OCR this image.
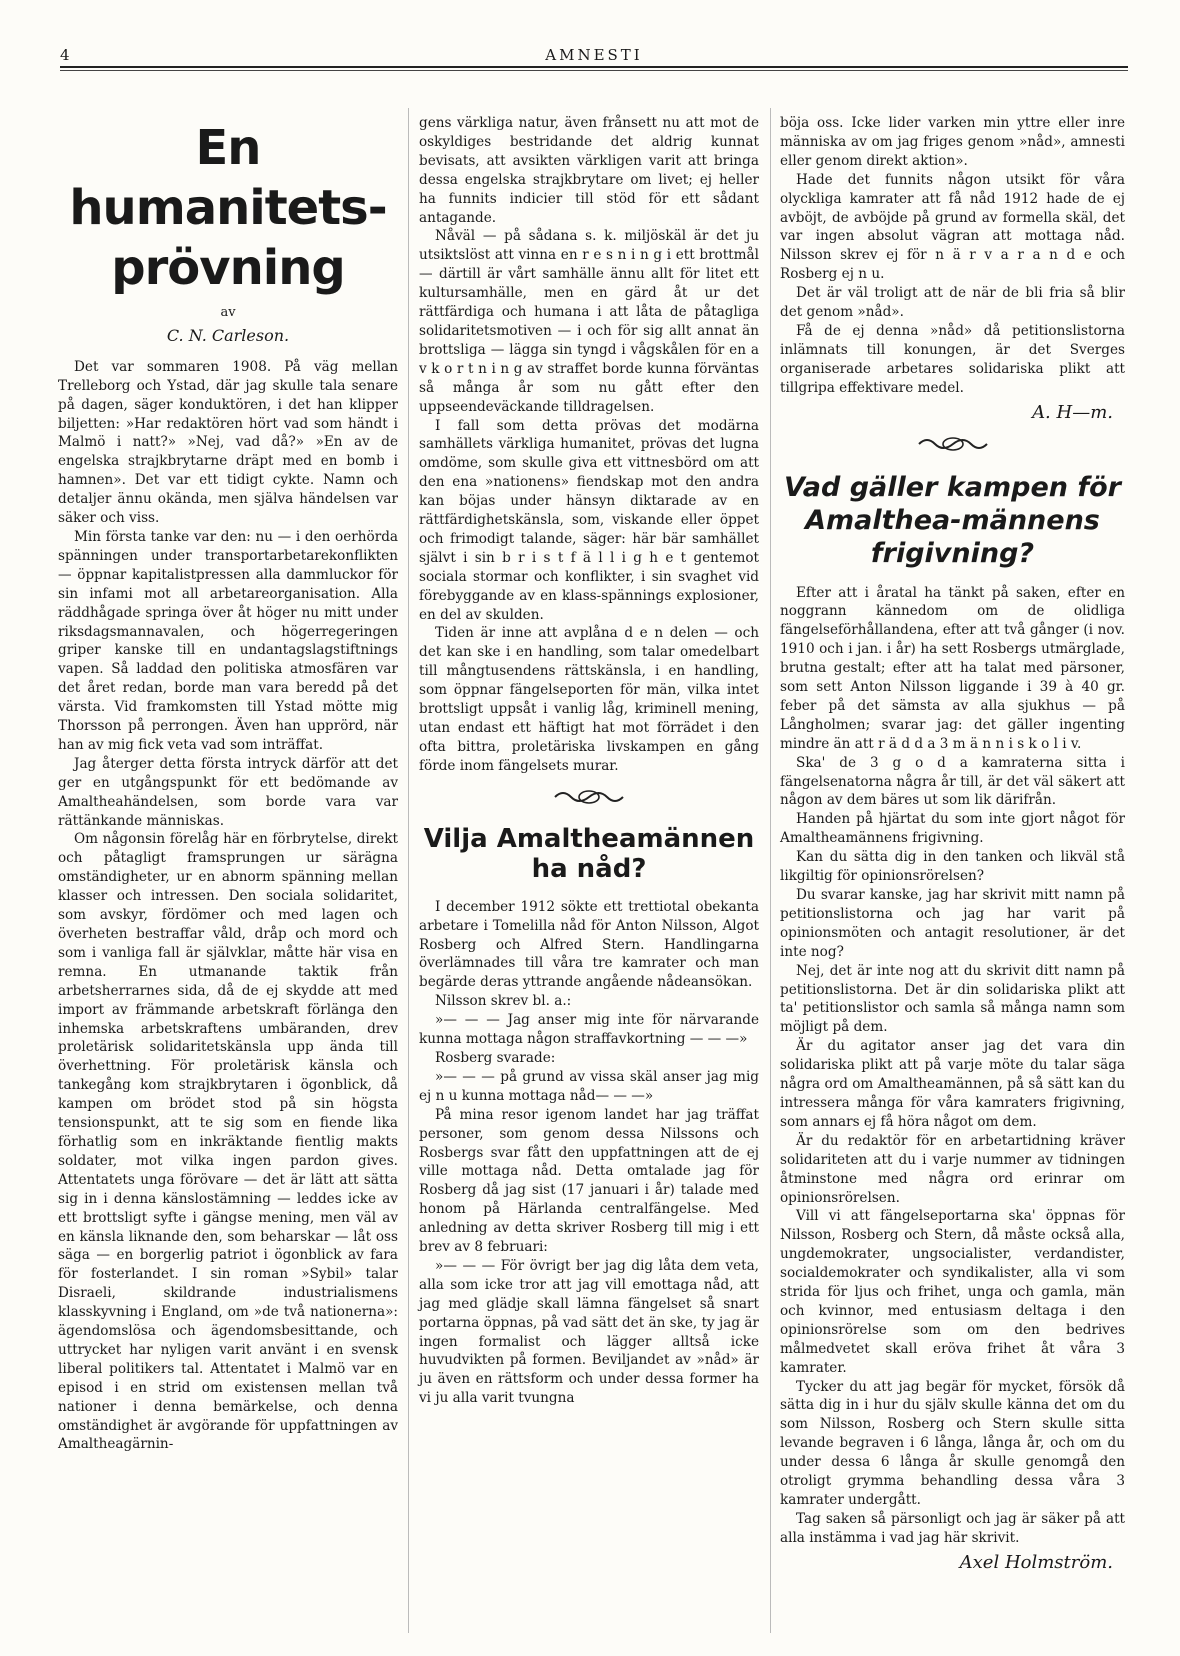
4	AMNESTI
En humanitets-prövning
av
C. N. Carleson.

Det var sommaren 1908. På väg mellan Trelleborg och Ystad, där jag skulle tala senare på dagen, säger konduktören, i det han klipper biljetten: »Har redaktören hört vad som händt i Malmö i natt?» »Nej, vad då?» »En av de engelska strajkbrytarne dräpt med en bomb i hamnen». Det var ett tidigt cykte. Namn och detaljer ännu okända, men själva händelsen var säker och viss.

Min första tanke var den: nu — i den oerhörda spänningen under transportarbetarekonflikten — öppnar kapitalistpressen alla dammluckor för sin infami mot all arbetareorganisation. Alla räddhågade springa över åt höger nu mitt under riksdagsmannavalen, och högerregeringen griper kanske till en undantagslagstiftnings vapen. Så laddad den politiska atmosfären var det året redan, borde man vara beredd på det värsta. Vid framkomsten till Ystad mötte mig Thorsson på perrongen. Även han upprörd, när han av mig fick veta vad som inträffat.

Jag återger detta första intryck därför att det ger en utgångspunkt för ett bedömande av Amaltheahändelsen, som borde vara var rättänkande människas.

Om någonsin förelåg här en förbrytelse, direkt och påtagligt framsprungen ur särägna omständigheter, ur en abnorm spänning mellan klasser och intressen. Den sociala solidaritet, som avskyr, fördömer och med lagen och överheten bestraffar våld, dråp och mord och som i vanliga fall är självklar, måtte här visa en remna. En utmanande taktik från arbetsherrarnes sida, då de ej skydde att med import av främmande arbetskraft förlänga den inhemska arbetskraftens umbäranden, drev proletärisk solidaritetskänsla upp ända till överhettning. För proletärisk känsla och tankegång kom strajkbrytaren i ögonblick, då kampen om brödet stod på sin högsta tensionspunkt, att te sig som en fiende lika förhatlig som en inkräktande fientlig makts soldater, mot vilka ingen pardon gives. Attentatets unga förövare — det är lätt att sätta sig in i denna känslostämning — leddes icke av ett brottsligt syfte i gängse mening, men väl av en känsla liknande den, som beharskar — låt oss säga — en borgerlig patriot i ögonblick av fara för fosterlandet. I sin roman »Sybil» talar Disraeli, skildrande industrialismens klasskyvning i England, om »de två nationerna»: ägendomslösa och ägendomsbesittande, och uttrycket har nyligen varit använt i en svensk liberal politikers tal. Attentatet i Malmö var en episod i en strid om existensen mellan två nationer i denna bemärkelse, och denna omständighet är avgörande för uppfattningen av Amaltheagärnin-

gens värkliga natur, även frånsett nu att mot de oskyldiges bestridande det aldrig kunnat bevisats, att avsikten värkligen varit att bringa dessa engelska strajkbrytare om livet; ej heller ha funnits indicier till stöd för ett sådant antagande.

Nåväl — på sådana s. k. miljöskäl är det ju utsiktslöst att vinna en r e s n i n g i ett brottmål — därtill är vårt samhälle ännu allt för litet ett kultursamhälle, men en gärd åt ur det rättfärdiga och humana i att låta de påtagliga solidaritetsmotiven — i och för sig allt annat än brottsliga — lägga sin tyngd i vågskålen för en a v k o r t n i n g av straffet borde kunna förväntas så många år som nu gått efter den uppseendeväckande tilldragelsen.

I fall som detta prövas det modärna samhällets värkliga humanitet, prövas det lugna omdöme, som skulle giva ett vittnesbörd om att den ena »nationens» fiendskap mot den andra kan böjas under hänsyn diktarade av en rättfärdighetskänsla, som, viskande eller öppet och frimodigt talande, säger: här bär samhället självt i sin b r i s t f ä l l i g h e t gentemot sociala stormar och konflikter, i sin svaghet vid förebyggande av en klass-spännings explosioner, en del av skulden.

Tiden är inne att avplåna d e n delen — och det kan ske i en handling, som talar omedelbart till mångtusendens rättskänsla, i en handling, som öppnar fängelseporten för män, vilka intet brottsligt uppsåt i vanlig låg, kriminell mening, utan endast ett häftigt hat mot förrädet i den ofta bittra, proletäriska livskampen en gång förde inom fängelsets murar.

Vilja Amaltheamännen ha nåd?

I december 1912 sökte ett trettiotal obekanta arbetare i Tomelilla nåd för Anton Nilsson, Algot Rosberg och Alfred Stern. Handlingarna överlämnades till våra tre kamrater och man begärde deras yttrande angående nådeansökan.

Nilsson skrev bl. a.:

»— — — Jag anser mig inte för närvarande kunna mottaga någon straffavkortning — — —»

Rosberg svarade:

»— — — på grund av vissa skäl anser jag mig ej n u kunna mottaga nåd— — —»

På mina resor igenom landet har jag träffat personer, som genom dessa Nilssons och Rosbergs svar fått den uppfattningen att de ej ville mottaga nåd. Detta omtalade jag för Rosberg då jag sist (17 januari i år) talade med honom på Härlanda centralfängelse. Med anledning av detta skriver Rosberg till mig i ett brev av 8 februari:

»— — — För övrigt ber jag dig låta dem veta, alla som icke tror att jag vill emottaga nåd, att jag med glädje skall lämna fängelset så snart portarna öppnas, på vad sätt det än ske, ty jag är ingen formalist och lägger alltså icke huvudvikten på formen. Beviljandet av »nåd» är ju även en rättsform och under dessa former ha vi ju alla varit tvungna

böja oss. Icke lider varken min yttre eller inre människa av om jag friges genom »nåd», amnesti eller genom direkt aktion».

Hade det funnits någon utsikt för våra olyckliga kamrater att få nåd 1912 hade de ej avböjt, de avböjde på grund av formella skäl, det var ingen absolut vägran att mottaga nåd. Nilsson skrev ej för n ä r v a r a n d e och Rosberg ej n u.

Det är väl troligt att de när de bli fria så blir det genom »nåd».

Få de ej denna »nåd» då petitionslistorna inlämnats till konungen, är det Sverges organiserade arbetares solidariska plikt att tillgripa effektivare medel.

A. H—m.
Vad gäller kampen för Amalthea-männens frigivning?

Efter att i åratal ha tänkt på saken, efter en noggrann kännedom om de olidliga fängelseförhållandena, efter att två gånger (i nov. 1910 och i jan. i år) ha sett Rosbergs utmärglade, brutna gestalt; efter att ha talat med pärsoner, som sett Anton Nilsson liggande i 39 à 40 gr. feber på det sämsta av alla sjukhus — på Långholmen; svarar jag: det gäller ingenting mindre än att r ä d d a 3 m ä n n i s k o l i v.

Ska' de 3 g o d a kamraterna sitta i fängelsenatorna några år till, är det väl säkert att någon av dem bäres ut som lik därifrån.

Handen på hjärtat du som inte gjort något för Amaltheamännens frigivning.

Kan du sätta dig in den tanken och likväl stå likgiltig för opinionsrörelsen?

Du svarar kanske, jag har skrivit mitt namn på petitionslistorna och jag har varit på opinionsmöten och antagit resolutioner, är det inte nog?

Nej, det är inte nog att du skrivit ditt namn på petitionslistorna. Det är din solidariska plikt att ta' petitionslistor och samla så många namn som möjligt på dem.

Är du agitator anser jag det vara din solidariska plikt att på varje möte du talar säga några ord om Amaltheamännen, på så sätt kan du intressera många för våra kamraters frigivning, som annars ej få höra något om dem.

Är du redaktör för en arbetartidning kräver solidariteten att du i varje nummer av tidningen åtminstone med några ord erinrar om opinionsrörelsen.

Vill vi att fängelseportarna ska' öppnas för Nilsson, Rosberg och Stern, då måste också alla, ungdemokrater, ungsocialister, verdandister, socialdemokrater och syndikalister, alla vi som strida för ljus och frihet, unga och gamla, män och kvinnor, med entusiasm deltaga i den opinionsrörelse som om den bedrives målmedvetet skall eröva frihet åt våra 3 kamrater.

Tycker du att jag begär för mycket, försök då sätta dig in i hur du själv skulle känna det om du som Nilsson, Rosberg och Stern skulle sitta levande begraven i 6 långa, långa år, och om du under dessa 6 långa år skulle genomgå den otroligt grymma behandling dessa våra 3 kamrater undergått.

Tag saken så pärsonligt och jag är säker på att alla instämma i vad jag här skrivit.

Axel Holmström.
